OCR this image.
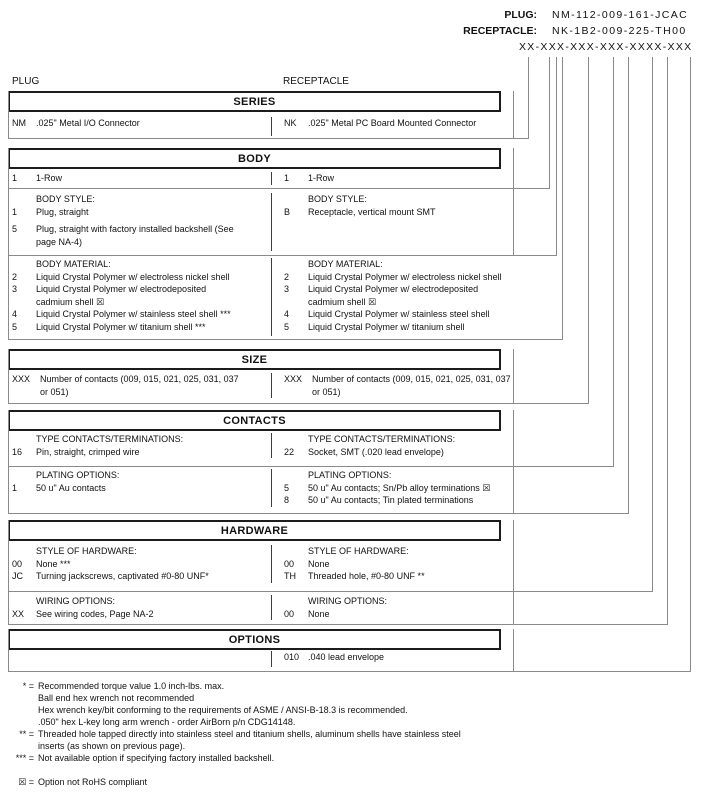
PLUG: NM-112-009-161-JCAC
RECEPTACLE: NK-1B2-009-225-TH00
XX-XXX-XXX-XXX-XXXX-XXX
PLUG	RECEPTACLE
SERIES
BODY
SIZE
CONTACTS
HARDWARE
OPTIONS
NM	.025" Metal I/O Connector	NK	.025" Metal PC Board Mounted Connector
1	1-Row	1	1-Row
BODY STYLE:
1	Plug, straight
5	Plug, straight with factory installed backshell (See page NA-4)
BODY STYLE:
B	Receptacle, vertical mount SMT
BODY MATERIAL:
2	Liquid Crystal Polymer w/ electroless nickel shell
3	Liquid Crystal Polymer w/ electrodeposited cadmium shell ☒
4	Liquid Crystal Polymer w/ stainless steel shell ***
5	Liquid Crystal Polymer w/ titanium shell ***
BODY MATERIAL:
2	Liquid Crystal Polymer w/ electroless nickel shell
3	Liquid Crystal Polymer w/ electrodeposited cadmium shell ☒
4	Liquid Crystal Polymer w/ stainless steel shell
5	Liquid Crystal Polymer w/ titanium shell
XXX	Number of contacts (009, 015, 021, 025, 031, 037 or 051)
XXX	Number of contacts (009, 015, 021, 025, 031, 037 or 051)
TYPE CONTACTS/TERMINATIONS:
16	Pin, straight, crimped wire
TYPE CONTACTS/TERMINATIONS:
22	Socket, SMT (.020 lead envelope)
PLATING OPTIONS:
1	50 u" Au contacts
PLATING OPTIONS:
5	50 u" Au contacts; Sn/Pb alloy terminations ☒
8	50 u" Au contacts; Tin plated terminations
STYLE OF HARDWARE:
00	None ***
JC	Turning jackscrews, captivated #0-80 UNF*
STYLE OF HARDWARE:
00	None
TH	Threaded hole, #0-80 UNF **
WIRING OPTIONS:
XX	See wiring codes, Page NA-2
WIRING OPTIONS:
00	None
010 .040 lead envelope
* = Recommended torque value 1.0 inch-lbs. max.
Ball end hex wrench not recommended
Hex wrench key/bit conforming to the requirements of ASME / ANSI-B-18.3 is recommended.
.050" hex L-key long arm wrench - order AirBorn p/n CDG14148.
** = Threaded hole tapped directly into stainless steel and titanium shells, aluminum shells have stainless steel
inserts (as shown on previous page).
*** = Not available option if specifying factory installed backshell.
☒ = Option not RoHS compliant
